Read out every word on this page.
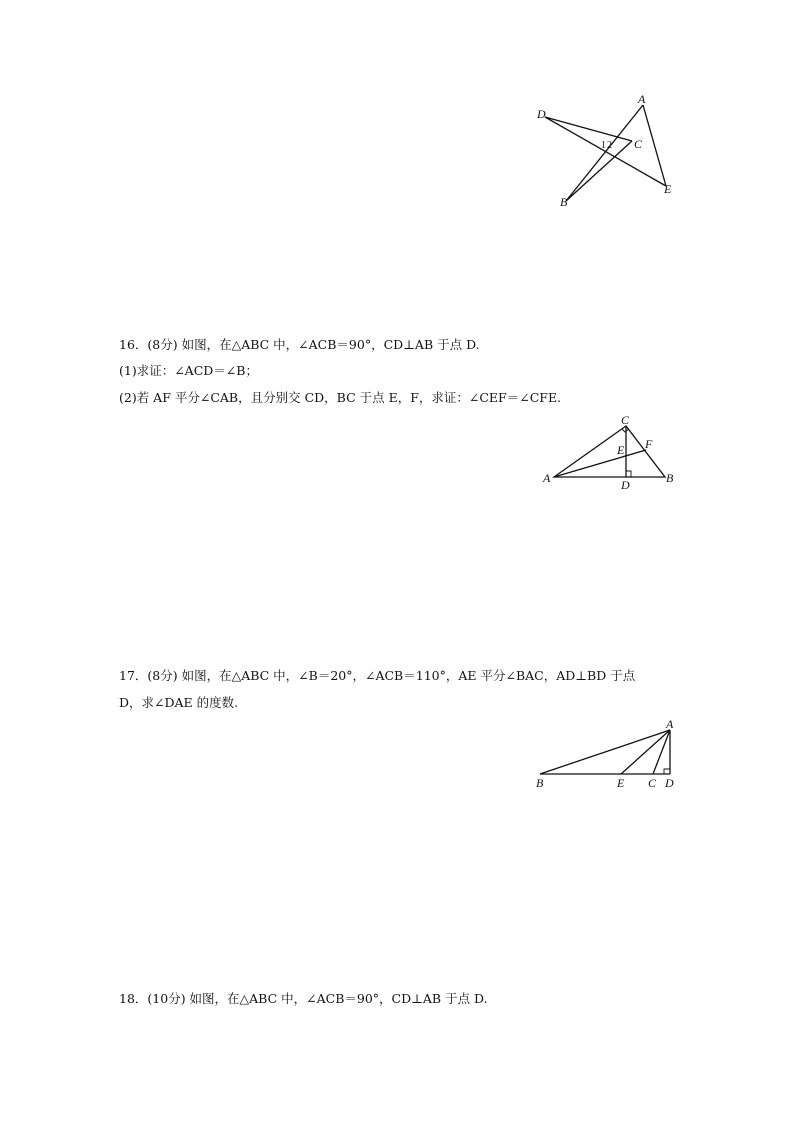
A
B
C
D
E
1 2
16．(8分) 如图，在△ABC 中，∠ACB＝90°，CD⊥AB 于点 D.
(1)求证：∠ACD＝∠B；
(2)若 AF 平分∠CAB，且分别交 CD，BC 于点 E，F，求证：∠CEF＝∠CFE.
A	B
C
D
E F
17．(8分) 如图，在△ABC 中，∠B＝20°，∠ACB＝110°，AE 平分∠BAC，AD⊥BD 于点
D，求∠DAE 的度数.
A
B	E C D
18．(10分) 如图，在△ABC 中，∠ACB＝90°，CD⊥AB 于点 D.
